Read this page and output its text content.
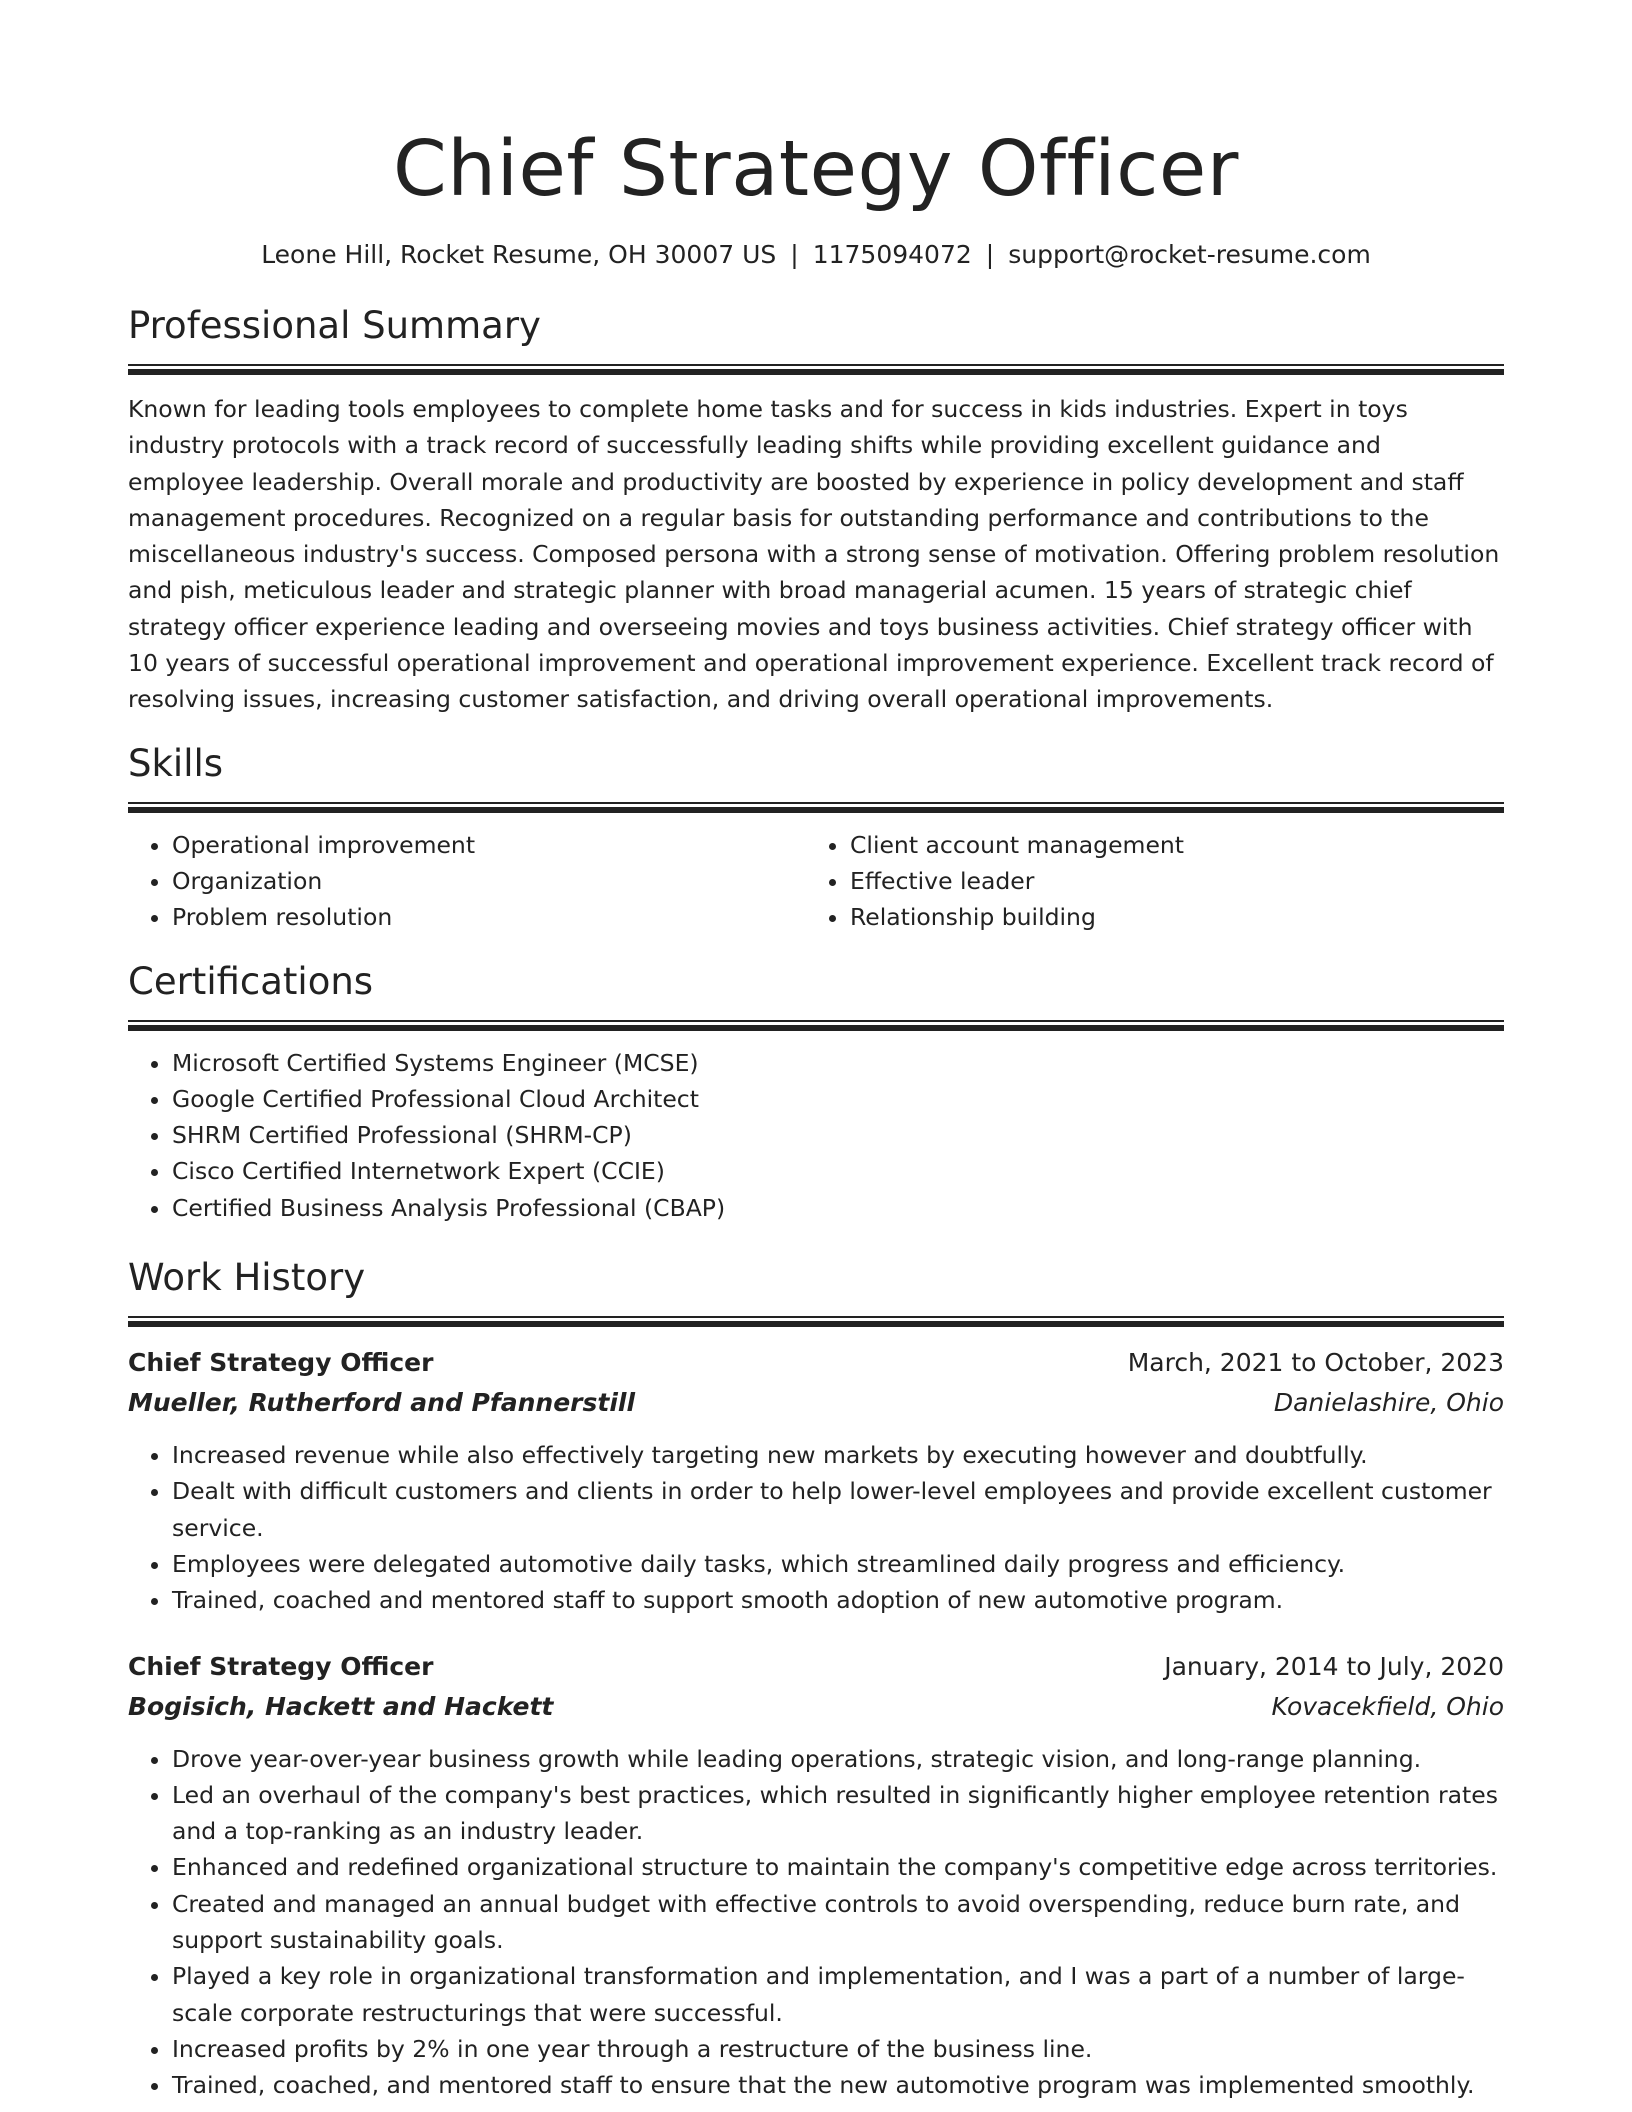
Chief Strategy Officer
Leone Hill, Rocket Resume, OH 30007 US | 1175094072 | support@rocket-resume.com
Professional Summary

Known for leading tools employees to complete home tasks and for success in kids industries. Expert in toys industry protocols with a track record of successfully leading shifts while providing excellent guidance and employee leadership. Overall morale and productivity are boosted by experience in policy development and staff management procedures. Recognized on a regular basis for outstanding performance and contributions to the miscellaneous industry's success. Composed persona with a strong sense of motivation. Offering problem resolution and pish, meticulous leader and strategic planner with broad managerial acumen. 15 years of strategic chief strategy officer experience leading and overseeing movies and toys business activities. Chief strategy officer with 10 years of successful operational improvement and operational improvement experience. Excellent track record of resolving issues, increasing customer satisfaction, and driving overall operational improvements.

Skills
• Operational improvement
• Organization
• Problem resolution
• Client account management
• Effective leader
• Relationship building
Certifications
• Microsoft Certified Systems Engineer (MCSE)
• Google Certified Professional Cloud Architect
• SHRM Certified Professional (SHRM-CP)
• Cisco Certified Internetwork Expert (CCIE)
• Certified Business Analysis Professional (CBAP)
Work History
Chief Strategy Officer	March, 2021 to October, 2023
Mueller, Rutherford and Pfannerstill	Danielashire, Ohio
• Increased revenue while also effectively targeting new markets by executing however and doubtfully.
• Dealt with difficult customers and clients in order to help lower-level employees and provide excellent customer service.
• Employees were delegated automotive daily tasks, which streamlined daily progress and efficiency.
• Trained, coached and mentored staff to support smooth adoption of new automotive program.
Chief Strategy Officer	January, 2014 to July, 2020
Bogisich, Hackett and Hackett	Kovacekfield, Ohio
• Drove year-over-year business growth while leading operations, strategic vision, and long-range planning.
• Led an overhaul of the company's best practices, which resulted in significantly higher employee retention rates and a top-ranking as an industry leader.
• Enhanced and redefined organizational structure to maintain the company's competitive edge across territories.
• Created and managed an annual budget with effective controls to avoid overspending, reduce burn rate, and support sustainability goals.
• Played a key role in organizational transformation and implementation, and I was a part of a number of large-scale corporate restructurings that were successful.
• Increased profits by 2% in one year through a restructure of the business line.
• Trained, coached, and mentored staff to ensure that the new automotive program was implemented smoothly.
